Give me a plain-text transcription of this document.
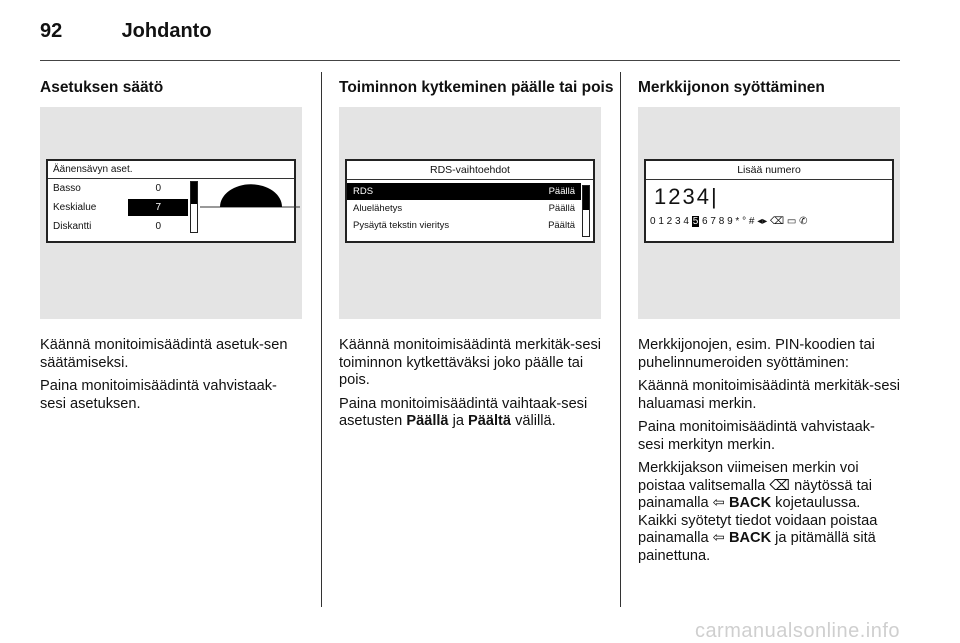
92	Johdanto
Asetuksen säätö
Äänensävyn aset.
Basso	0
Keskialue	7
Diskantti	0

Käännä monitoimisäädintä asetuk-sen säätämiseksi.

Paina monitoimisäädintä vahvistaak-sesi asetuksen.

Toiminnon kytkeminen päälle tai pois
RDS-vaihtoehdot
RDS	Päällä
Aluelähetys	Päällä
Pysäytä tekstin vieritys	Päältä

Käännä monitoimisäädintä merkitäk-sesi toiminnon kytkettäväksi joko päälle tai pois.

Paina monitoimisäädintä vaihtaak-sesi asetusten Päällä ja Päältä välillä.

Merkkijonon syöttäminen
Lisää numero
1234|
0 1 2 3 4 5 6 7 8 9 * ° # ◂▸ ⌫ ▭ ✆

Merkkijonojen, esim. PIN-koodien tai puhelinnumeroiden syöttäminen:

Käännä monitoimisäädintä merkitäk-sesi haluamasi merkin.

Paina monitoimisäädintä vahvistaak-sesi merkityn merkin.

Merkkijakson viimeisen merkin voi poistaa valitsemalla ⌫ näytössä tai painamalla ⇦ BACK kojetaulussa.

Kaikki syötetyt tiedot voidaan poistaa painamalla ⇦ BACK ja pitämällä sitä painettuna.

carmanualsonline.info
